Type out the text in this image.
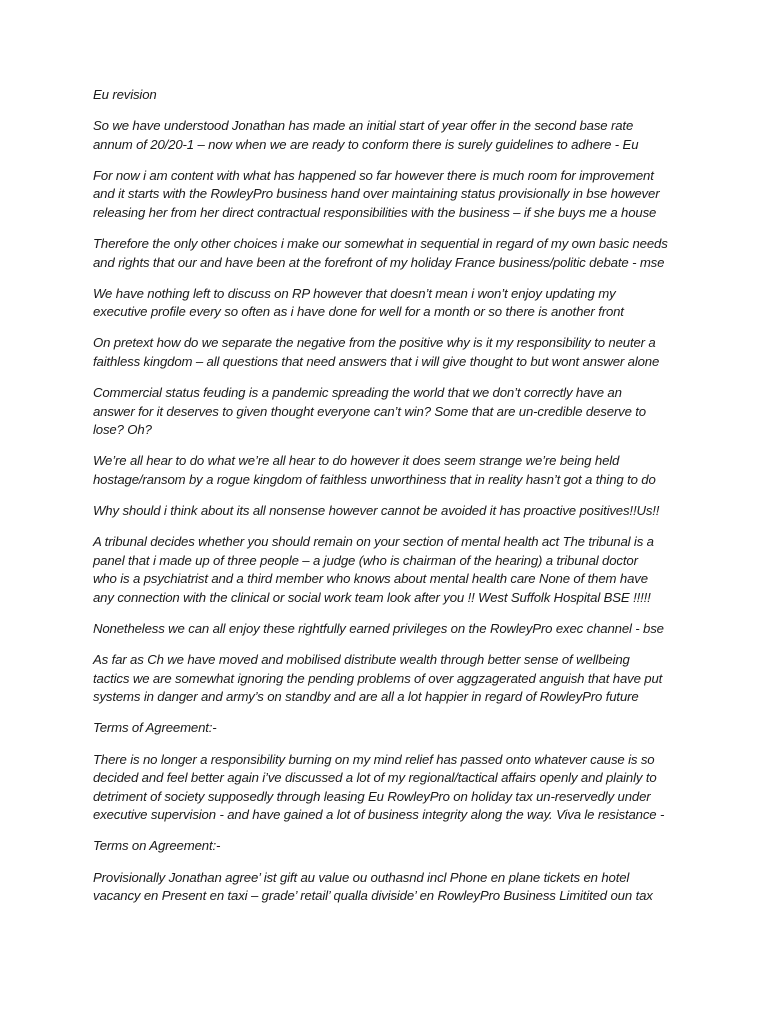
Eu revision

So we have understood Jonathan has made an initial start of year offer in the second base rate
annum of 20/20-1 – now when we are ready to conform there is surely guidelines to adhere - Eu

For now i am content with what has happened so far however there is much room for improvement
and it starts with the RowleyPro business hand over maintaining status provisionally in bse however
releasing her from her direct contractual responsibilities with the business – if she buys me a house

Therefore the only other choices i make our somewhat in sequential in regard of my own basic needs
and rights that our and have been at the forefront of my holiday France business/politic debate - mse

We have nothing left to discuss on RP however that doesn’t mean i won’t enjoy updating my
executive profile every so often as i have done for well for a month or so there is another front

On pretext how do we separate the negative from the positive why is it my responsibility to neuter a
faithless kingdom – all questions that need answers that i will give thought to but wont answer alone

Commercial status feuding is a pandemic spreading the world that we don’t correctly have an
answer for it deserves to given thought everyone can’t win? Some that are un-credible deserve to
lose? Oh?

We’re all hear to do what we’re all hear to do however it does seem strange we’re being held
hostage/ransom by a rogue kingdom of faithless unworthiness that in reality hasn’t got a thing to do

Why should i think about its all nonsense however cannot be avoided it has proactive positives!!Us!!

A tribunal decides whether you should remain on your section of mental health act The tribunal is a
panel that i made up of three people – a judge (who is chairman of the hearing) a tribunal doctor
who is a psychiatrist and a third member who knows about mental health care None of them have
any connection with the clinical or social work team look after you !! West Suffolk Hospital BSE !!!!!

Nonetheless we can all enjoy these rightfully earned privileges on the RowleyPro exec channel - bse

As far as Ch we have moved and mobilised distribute wealth through better sense of wellbeing
tactics we are somewhat ignoring the pending problems of over aggzagerated anguish that have put
systems in danger and army’s on standby and are all a lot happier in regard of RowleyPro future

Terms of Agreement:-

There is no longer a responsibility burning on my mind relief has passed onto whatever cause is so
decided and feel better again i’ve discussed a lot of my regional/tactical affairs openly and plainly to
detriment of society supposedly through leasing Eu RowleyPro on holiday tax un-reservedly under
executive supervision - and have gained a lot of business integrity along the way. Viva le resistance -

Terms on Agreement:-

Provisionally Jonathan agree’ ist gift au value ou outhasnd incl Phone en plane tickets en hotel
vacancy en Present en taxi – grade’ retail’ qualla diviside’ en RowleyPro Business Limitited oun tax
